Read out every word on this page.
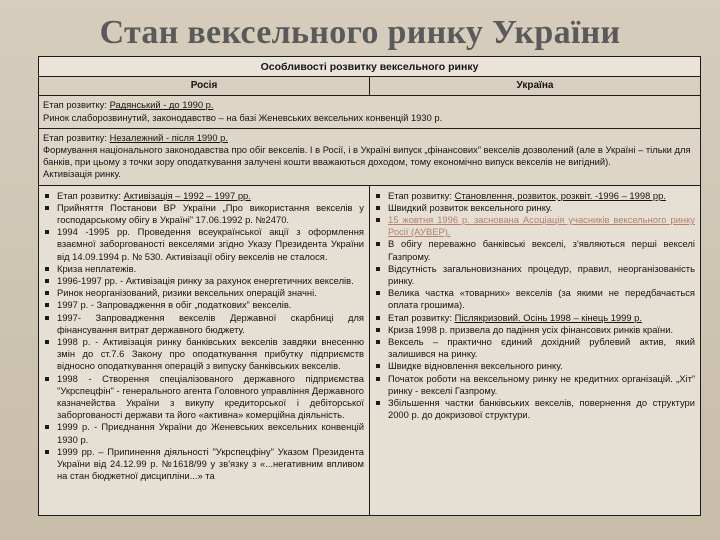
Стан вексельного ринку України
Особливості розвитку вексельного ринку
Росія	Україна
Етап розвитку: Радянський - до 1990 р.
Ринок слаборозвинутий, законодавство – на базі Женевських вексельних конвенцій 1930 р.
Етап розвитку: Незалежний - після 1990 р.
Формування національного законодавства про обіг векселів. І в Росії, і в Україні випуск „фінансових” векселів дозволений (але в Україні – тільки для банків, при цьому з точки зору оподаткування залучені кошти вважаються доходом, тому економічно випуск векселів не вигідний).
Активізація ринку.
Етап розвитку: Активізація – 1992 – 1997 рр.
Прийняття Постанови ВР України „Про використання векселів у господарському обігу в Україні” 17.06.1992 р. №2470.
1994 -1995 рр. Проведення всеукраїнської акції з оформлення взаємної заборгованості векселями згідно Указу Президента України від 14.09.1994 р. № 530. Активізації обігу векселів не сталося.
Криза неплатежів.
1996-1997 рр. - Активізація ринку за рахунок енергетичних векселів.
Ринок неорганізований, ризики вексельних операцій значні.
1997 р. - Запровадження в обіг „податкових” векселів.
1997- Запровадження векселів Державної скарбниці для фінансування витрат державного бюджету.
1998 р. - Активізація ринку банківських векселів завдяки внесенню змін до ст.7.6 Закону про оподаткування прибутку підприємств відносно оподаткування операцій з випуску банківських векселів.
1998 - Створення спеціалізованого державного підприємства "Укрспецфін" - генерального агента Головного управління Державного казначейства України з викупу кредиторської і дебіторської заборгованості держави та його «активна» комерційна діяльність.
1999 р. - Приєднання України до Женевських вексельних конвенцій 1930 р.
1999 рр. – Припинення діяльності "Укрспецфіну" Указом Президента України від 24.12.99 р. №1618/99 у зв'язку з «...негативним впливом на стан бюджетної дисципліни...» та
Етап розвитку: Становлення, розвиток, розквіт. -1996 – 1998 рр.
Швидкий розвиток вексельного ринку.
15 жовтня 1996 р. заснована Асоціація учасників вексельного ринку Росії (АУВЕР).
В обігу переважно банківські векселі, з'являються перші векселі Газпрому.
Відсутність загальновизнаних процедур, правил, неорганізованість ринку.
Велика частка «товарних» векселів (за якими не передбачається оплата грошима).
Етап розвитку: Післякризовий. Осінь 1998 – кінець 1999 р.
Криза 1998 р. призвела до падіння усіх фінансових ринків країни.
Вексель – практично єдиний дохідний рублевий актив, який залишився на ринку.
Швидке відновлення вексельного ринку.
Початок роботи на вексельному ринку не кредитних організацій. „Хіт” ринку - векселі Газпрому.
Збільшення частки банківських векселів, повернення до структури 2000 р. до докризової структури.
